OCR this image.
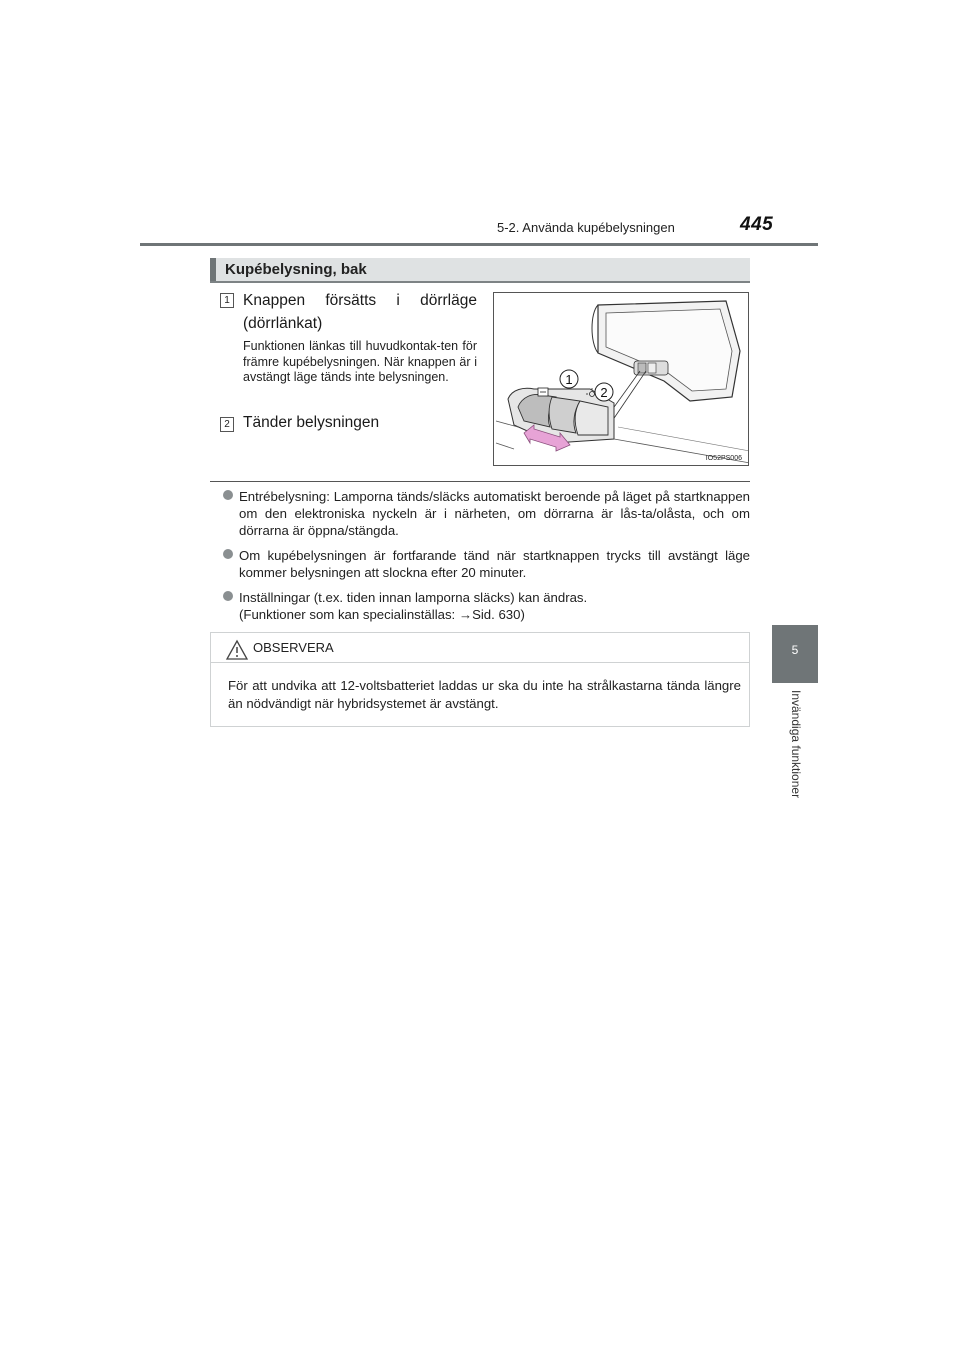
5-2. Använda kupébelysningen	445
5
Invändiga funktioner
Kupébelysning, bak
1 Knappen försätts i dörrläge
(dörrlänkat)
Funktionen länkas till huvudkontak-ten för främre kupébelysningen. När knappen är i avstängt läge tänds inte belysningen.
2 Tänder belysningen
1
2
IO52PS006
Entrébelysning: Lamporna tänds/släcks automatiskt beroende på läget på startknappen om den elektroniska nyckeln är i närheten, om dörrarna är lås-ta/olåsta, och om dörrarna är öppna/stängda.
Om kupébelysningen är fortfarande tänd när startknappen trycks till avstängt läge kommer belysningen att slockna efter 20 minuter.
Inställningar (t.ex. tiden innan lamporna släcks) kan ändras.
(Funktioner som kan specialinställas: →Sid. 630)
OBSERVERA
För att undvika att 12-voltsbatteriet laddas ur ska du inte ha strålkastarna tända längre än nödvändigt när hybridsystemet är avstängt.
